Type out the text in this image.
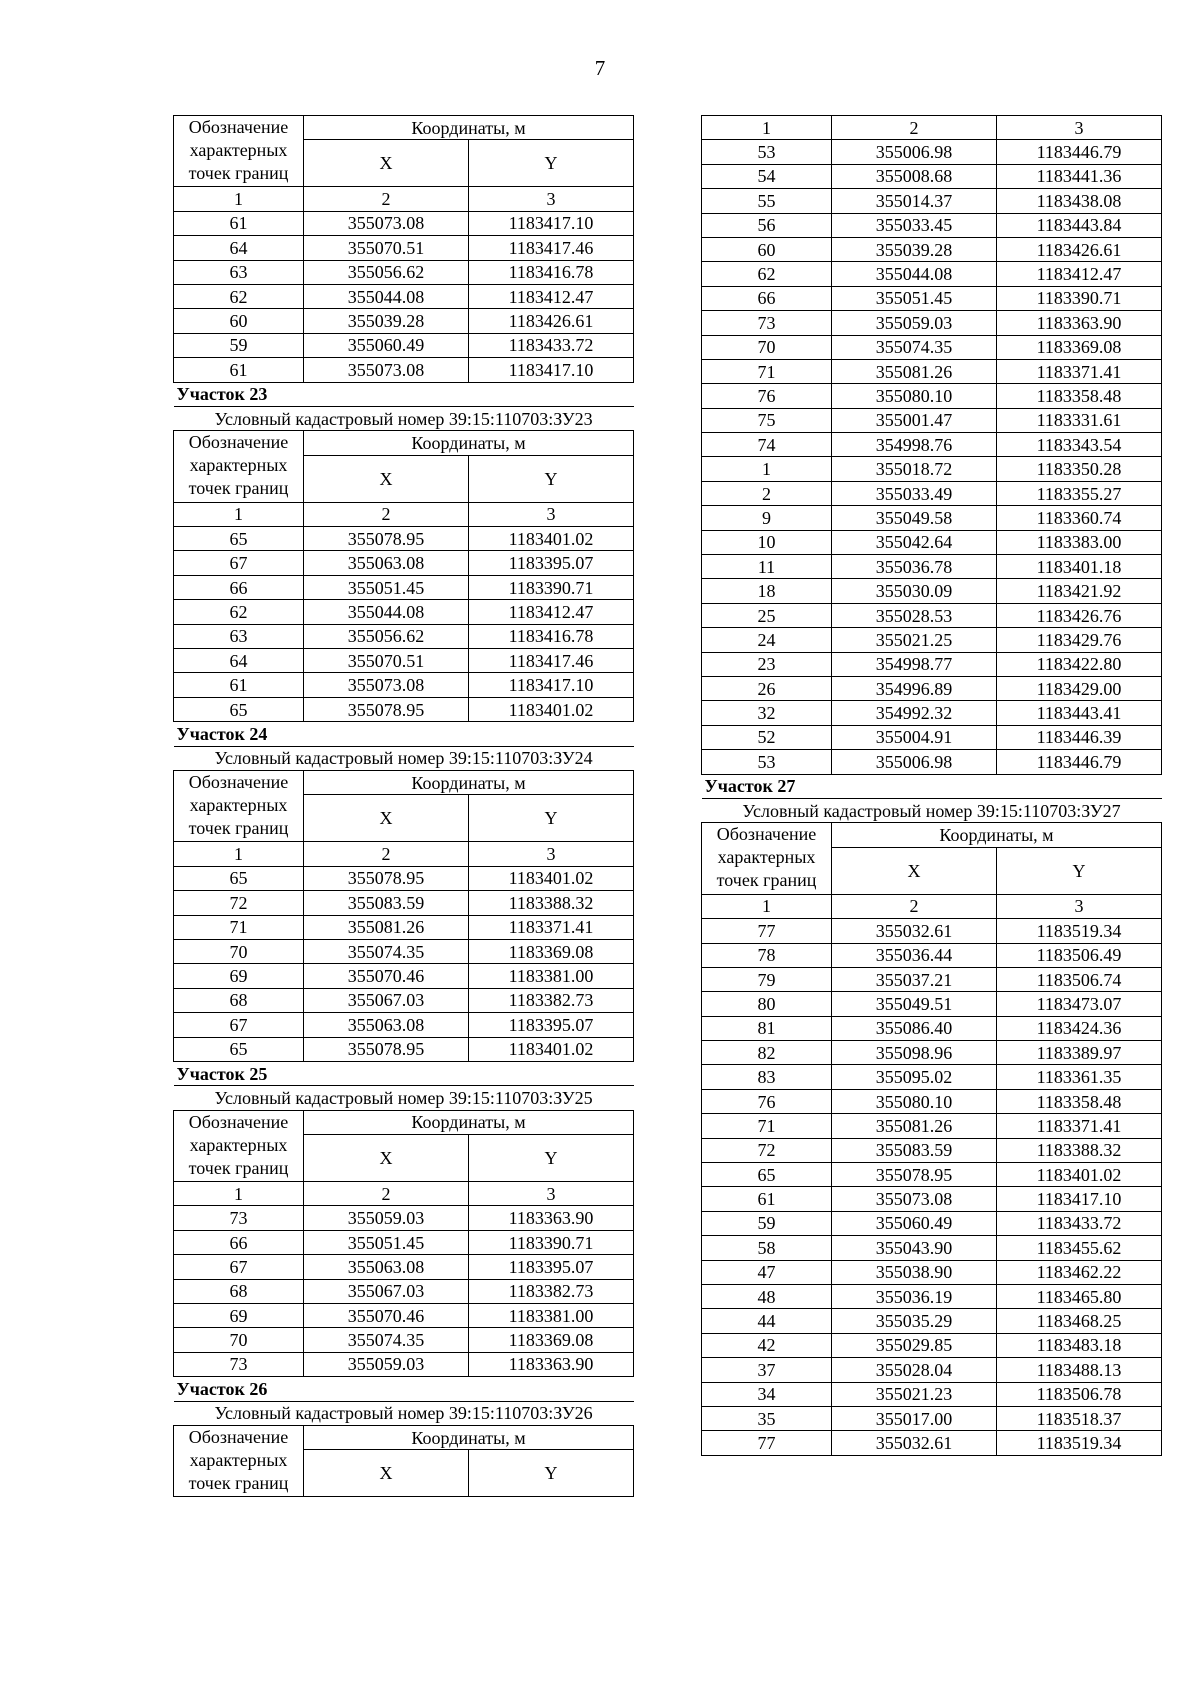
7
Обозначение характерных точек границ	Координаты, м	
	X	Y
1	2	3
61	355073.08	1183417.10
64	355070.51	1183417.46
63	355056.62	1183416.78
62	355044.08	1183412.47
60	355039.28	1183426.61
59	355060.49	1183433.72
61	355073.08	1183417.10
Участок 23		
Условный кадастровый номер 39:15:110703:ЗУ23		
Обозначение характерных точек границ	Координаты, м	
	X	Y
1	2	3
65	355078.95	1183401.02
67	355063.08	1183395.07
66	355051.45	1183390.71
62	355044.08	1183412.47
63	355056.62	1183416.78
64	355070.51	1183417.46
61	355073.08	1183417.10
65	355078.95	1183401.02
Участок 24		
Условный кадастровый номер 39:15:110703:ЗУ24		
Обозначение характерных точек границ	Координаты, м	
	X	Y
1	2	3
65	355078.95	1183401.02
72	355083.59	1183388.32
71	355081.26	1183371.41
70	355074.35	1183369.08
69	355070.46	1183381.00
68	355067.03	1183382.73
67	355063.08	1183395.07
65	355078.95	1183401.02
Участок 25		
Условный кадастровый номер 39:15:110703:ЗУ25		
Обозначение характерных точек границ	Координаты, м	
	X	Y
1	2	3
73	355059.03	1183363.90
66	355051.45	1183390.71
67	355063.08	1183395.07
68	355067.03	1183382.73
69	355070.46	1183381.00
70	355074.35	1183369.08
73	355059.03	1183363.90
Участок 26		
Условный кадастровый номер 39:15:110703:ЗУ26		
Обозначение характерных точек границ	Координаты, м	
	X	Y
1	2	3
53	355006.98	1183446.79
54	355008.68	1183441.36
55	355014.37	1183438.08
56	355033.45	1183443.84
60	355039.28	1183426.61
62	355044.08	1183412.47
66	355051.45	1183390.71
73	355059.03	1183363.90
70	355074.35	1183369.08
71	355081.26	1183371.41
76	355080.10	1183358.48
75	355001.47	1183331.61
74	354998.76	1183343.54
1	355018.72	1183350.28
2	355033.49	1183355.27
9	355049.58	1183360.74
10	355042.64	1183383.00
11	355036.78	1183401.18
18	355030.09	1183421.92
25	355028.53	1183426.76
24	355021.25	1183429.76
23	354998.77	1183422.80
26	354996.89	1183429.00
32	354992.32	1183443.41
52	355004.91	1183446.39
53	355006.98	1183446.79
Участок 27		
Условный кадастровый номер 39:15:110703:ЗУ27		
Обозначение характерных точек границ	Координаты, м	
	X	Y
1	2	3
77	355032.61	1183519.34
78	355036.44	1183506.49
79	355037.21	1183506.74
80	355049.51	1183473.07
81	355086.40	1183424.36
82	355098.96	1183389.97
83	355095.02	1183361.35
76	355080.10	1183358.48
71	355081.26	1183371.41
72	355083.59	1183388.32
65	355078.95	1183401.02
61	355073.08	1183417.10
59	355060.49	1183433.72
58	355043.90	1183455.62
47	355038.90	1183462.22
48	355036.19	1183465.80
44	355035.29	1183468.25
42	355029.85	1183483.18
37	355028.04	1183488.13
34	355021.23	1183506.78
35	355017.00	1183518.37
77	355032.61	1183519.34
